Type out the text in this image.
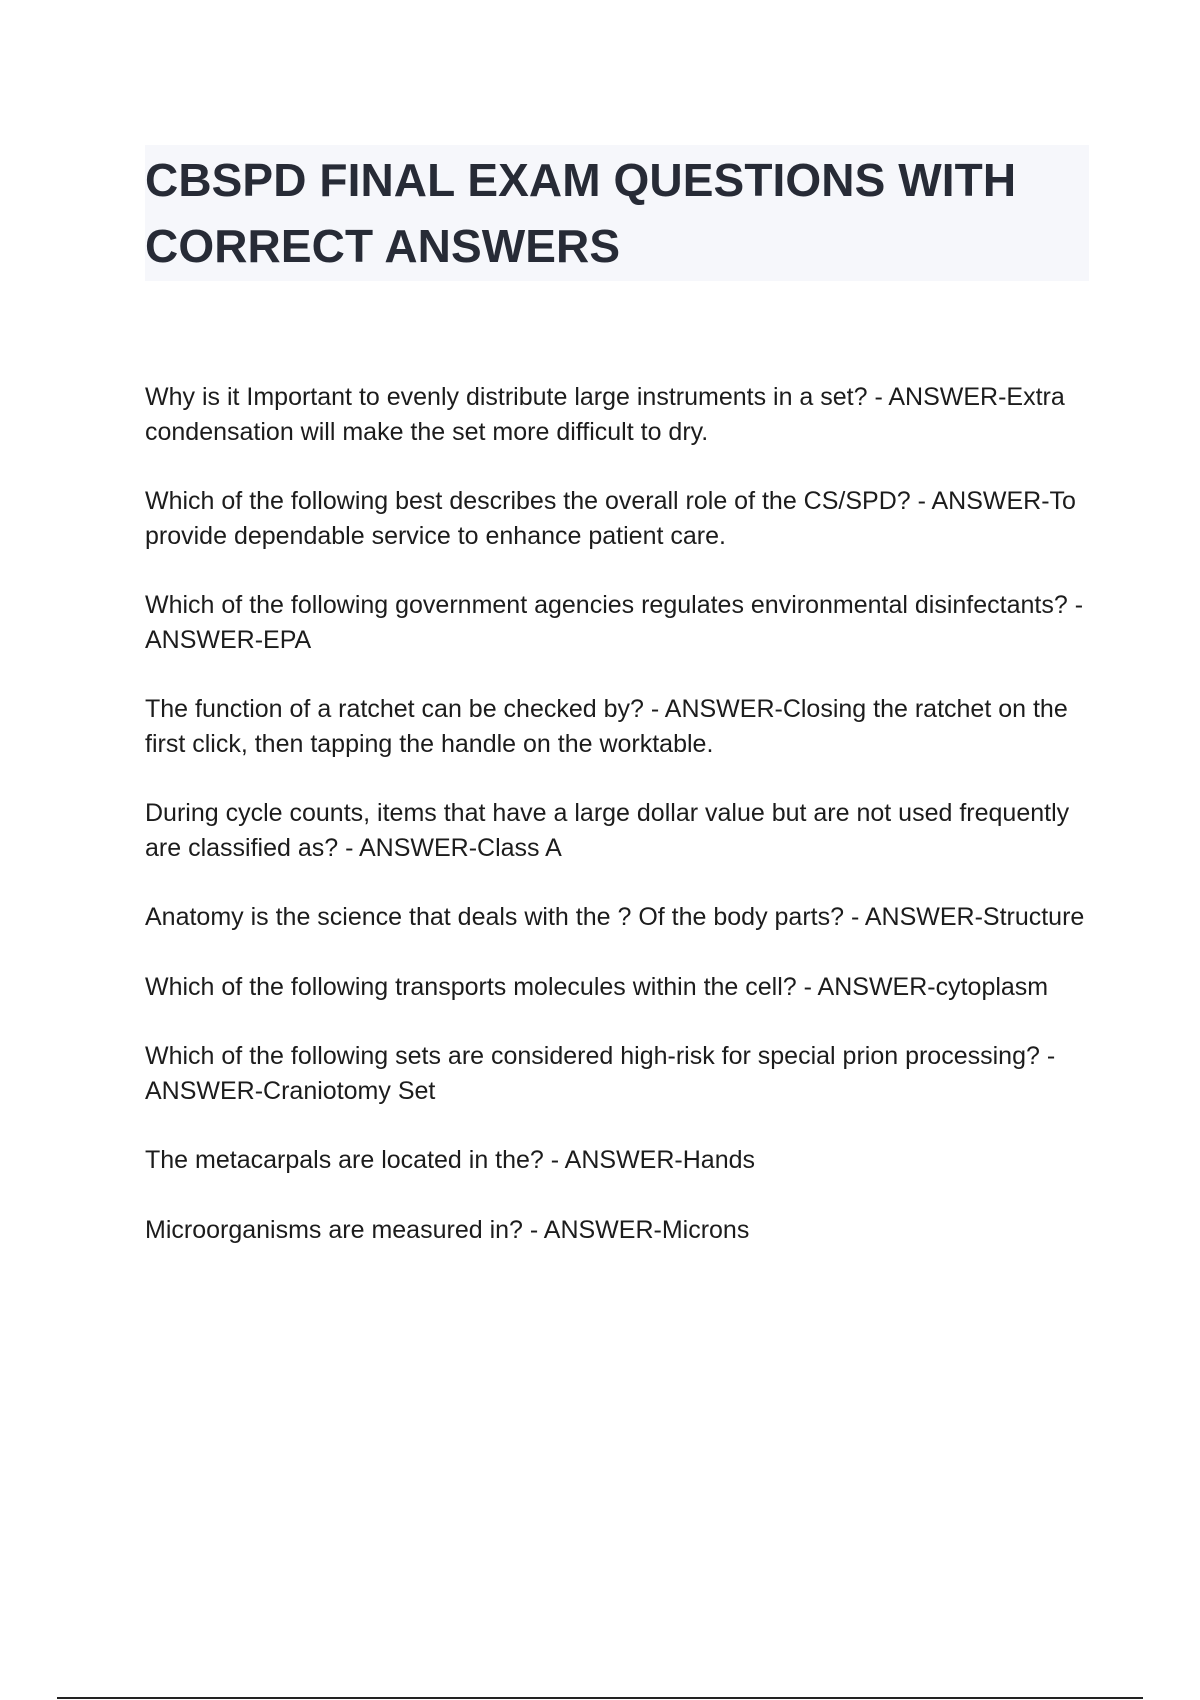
CBSPD FINAL EXAM QUESTIONS WITH CORRECT ANSWERS

Why is it Important to evenly distribute large instruments in a set? - ANSWER-Extra condensation will make the set more difficult to dry.

Which of the following best describes the overall role of the CS/SPD? - ANSWER-To provide dependable service to enhance patient care.

Which of the following government agencies regulates environmental disinfectants? - ANSWER-EPA

The function of a ratchet can be checked by? - ANSWER-Closing the ratchet on the first click, then tapping the handle on the worktable.

During cycle counts, items that have a large dollar value but are not used frequently are classified as? - ANSWER-Class A

Anatomy is the science that deals with the ? Of the body parts? - ANSWER-Structure

Which of the following transports molecules within the cell? - ANSWER-cytoplasm

Which of the following sets are considered high-risk for special prion processing? - ANSWER-Craniotomy Set

The metacarpals are located in the? - ANSWER-Hands

Microorganisms are measured in? - ANSWER-Microns
